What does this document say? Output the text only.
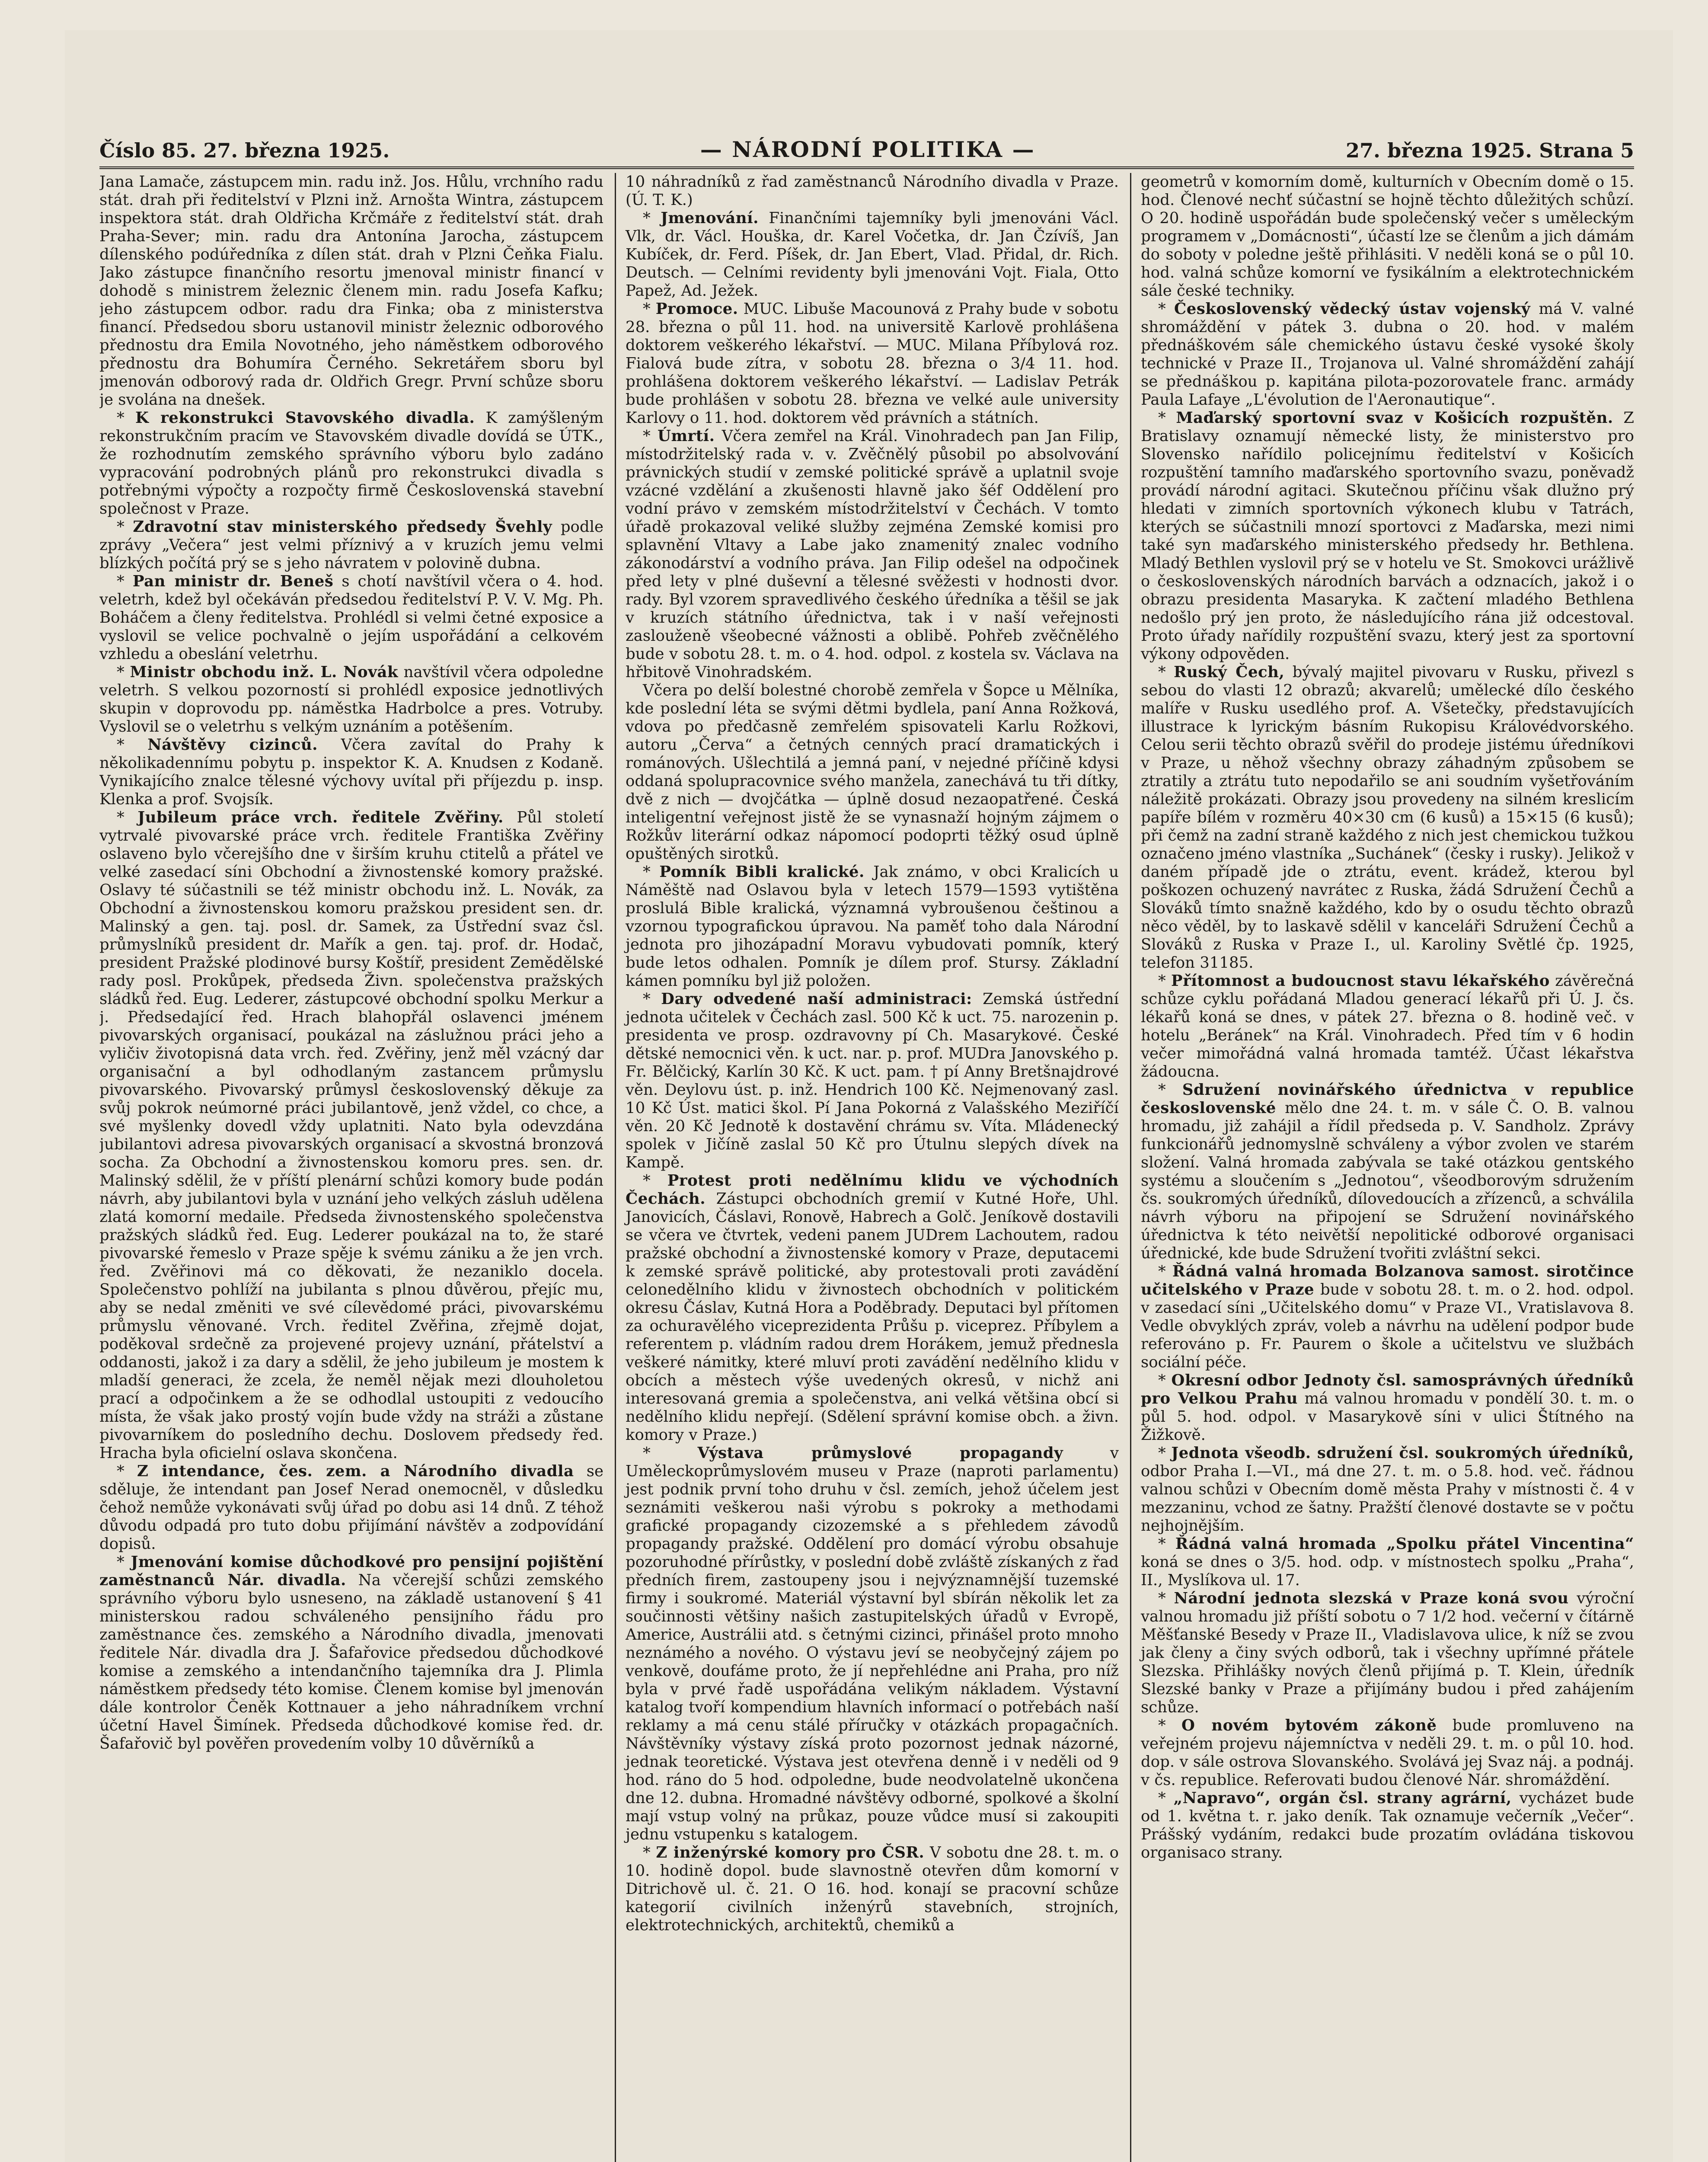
Číslo 85. 27. března 1925.	— NÁRODNÍ POLITIKA —	27. března 1925. Strana 5

Jana Lamače, zástupcem min. radu inž. Jos. Hůlu, vrchního radu stát. drah při ředitelství v Plzni inž. Arnošta Wintra, zástupcem inspektora stát. drah Oldřicha Krčmáře z ředitelství stát. drah Praha-Sever; min. radu dra Antonína Jarocha, zástupcem dílenského podúředníka z dílen stát. drah v Plzni Čeňka Fialu. Jako zástupce finančního resortu jmenoval ministr financí v dohodě s ministrem železnic členem min. radu Josefa Kafku; jeho zástupcem odbor. radu dra Finka; oba z ministerstva financí. Předsedou sboru ustanovil ministr železnic odborového přednostu dra Emila Novotného, jeho náměstkem odborového přednostu dra Bohumíra Černého. Sekretářem sboru byl jmenován odborový rada dr. Oldřich Gregr. První schůze sboru je svolána na dnešek.

* K rekonstrukci Stavovského divadla. K zamýšleným rekonstrukčním pracím ve Stavovském divadle dovídá se ÚTK., že rozhodnutím zemského správního výboru bylo zadáno vypracování podrobných plánů pro rekonstrukci divadla s potřebnými výpočty a rozpočty firmě Československá stavební společnost v Praze.

* Zdravotní stav ministerského předsedy Švehly podle zprávy „Večera“ jest velmi příznivý a v kruzích jemu velmi blízkých počítá prý se s jeho návratem v polovině dubna.

* Pan ministr dr. Beneš s chotí navštívil včera o 4. hod. veletrh, kdež byl očekáván předsedou ředitelství P. V. V. Mg. Ph. Boháčem a členy ředitelstva. Prohlédl si velmi četné exposice a vyslovil se velice pochvalně o jejím uspořádání a celkovém vzhledu a obeslání veletrhu.

* Ministr obchodu inž. L. Novák navštívil včera odpoledne veletrh. S velkou pozorností si prohlédl exposice jednotlivých skupin v doprovodu pp. náměstka Hadrbolce a pres. Votruby. Vyslovil se o veletrhu s velkým uznáním a potěšením.

* Návštěvy cizinců. Včera zavítal do Prahy k několikadennímu pobytu p. inspektor K. A. Knudsen z Kodaně. Vynikajícího znalce tělesné výchovy uvítal při příjezdu p. insp. Klenka a prof. Svojsík.

* Jubileum práce vrch. ředitele Zvěřiny. Půl století vytrvalé pivovarské práce vrch. ředitele Františka Zvěřiny oslaveno bylo včerejšího dne v širším kruhu ctitelů a přátel ve velké zasedací síni Obchodní a živnostenské komory pražské. Oslavy té súčastnili se též ministr obchodu inž. L. Novák, za Obchodní a živnostenskou komoru pražskou president sen. dr. Malinský a gen. taj. posl. dr. Samek, za Ústřední svaz čsl. průmyslníků president dr. Mařík a gen. taj. prof. dr. Hodač, president Pražské plodinové bursy Koštíř, president Zemědělské rady posl. Prokůpek, předseda Živn. společenstva pražských sládků řed. Eug. Lederer, zástupcové obchodní spolku Merkur a j. Předsedající řed. Hrach blahopřál oslavenci jménem pivovarských organisací, poukázal na záslužnou práci jeho a vyličiv životopisná data vrch. řed. Zvěřiny, jenž měl vzácný dar organisační a byl odhodlaným zastancem průmyslu pivovarského. Pivovarský průmysl československý děkuje za svůj pokrok neúmorné práci jubilantově, jenž vždel, co chce, a své myšlenky dovedl vždy uplatniti. Nato byla odevzdána jubilantovi adresa pivovarských organisací a skvostná bronzová socha. Za Obchodní a živnostenskou komoru pres. sen. dr. Malinský sdělil, že v příští plenární schůzi komory bude podán návrh, aby jubilantovi byla v uznání jeho velkých zásluh udělena zlatá komorní medaile. Předseda živnostenského společenstva pražských sládků řed. Eug. Lederer poukázal na to, že staré pivovarské řemeslo v Praze spěje k svému zániku a že jen vrch. řed. Zvěřinovi má co děkovati, že nezaniklo docela. Společenstvo pohlíží na jubilanta s plnou důvěrou, přejíc mu, aby se nedal změniti ve své cílevědomé práci, pivovarskému průmyslu věnované. Vrch. ředitel Zvěřina, zřejmě dojat, poděkoval srdečně za projevené projevy uznání, přátelství a oddanosti, jakož i za dary a sdělil, že jeho jubileum je mostem k mladší generaci, že zcela, že neměl nějak mezi dlouholetou prací a odpočinkem a že se odhodlal ustoupiti z vedoucího místa, že však jako prostý vojín bude vždy na stráži a zůstane pivovarníkem do posledního dechu. Doslovem předsedy řed. Hracha byla oficielní oslava skončena.

* Z intendance, čes. zem. a Národního divadla se sděluje, že intendant pan Josef Nerad onemocněl, v důsledku čehož nemůže vykonávati svůj úřad po dobu asi 14 dnů. Z téhož důvodu odpadá pro tuto dobu přijímání návštěv a zodpovídání dopisů.

* Jmenování komise důchodkové pro pensijní pojištění zaměstnanců Nár. divadla. Na včerejší schůzi zemského správního výboru bylo usneseno, na základě ustanovení § 41 ministerskou radou schváleného pensijního řádu pro zaměstnance čes. zemského a Národního divadla, jmenovati ředitele Nár. divadla dra J. Šafařovice předsedou důchodkové komise a zemského a intendančního tajemníka dra J. Plimla náměstkem předsedy této komise. Členem komise byl jmenován dále kontrolor Čeněk Kottnauer a jeho náhradníkem vrchní účetní Havel Šimínek. Předseda důchodkové komise řed. dr. Šafařovič byl pověřen provedením volby 10 důvěrníků a

10 náhradníků z řad zaměstnanců Národního divadla v Praze. (Ú. T. K.)

* Jmenování. Finančními tajemníky byli jmenováni Václ. Vlk, dr. Václ. Houška, dr. Karel Vočetka, dr. Jan Čzívíš, Jan Kubíček, dr. Ferd. Píšek, dr. Jan Ebert, Vlad. Přidal, dr. Rich. Deutsch. — Celními revidenty byli jmenováni Vojt. Fiala, Otto Papež, Ad. Ježek.

* Promoce. MUC. Libuše Macounová z Prahy bude v sobotu 28. března o půl 11. hod. na universitě Karlově prohlášena doktorem veškerého lékařství. — MUC. Milana Příbylová roz. Fialová bude zítra, v sobotu 28. března o 3/4 11. hod. prohlášena doktorem veškerého lékařství. — Ladislav Petrák bude prohlášen v sobotu 28. března ve velké aule university Karlovy o 11. hod. doktorem věd právních a státních.

* Úmrtí. Včera zemřel na Král. Vinohradech pan Jan Filip, místodržitelský rada v. v. Zvěčnělý působil po absolvování právnických studií v zemské politické správě a uplatnil svoje vzácné vzdělání a zkušenosti hlavně jako šéf Oddělení pro vodní právo v zemském místodržitelství v Čechách. V tomto úřadě prokazoval veliké služby zejména Zemské komisi pro splavnění Vltavy a Labe jako znamenitý znalec vodního zákonodárství a vodního práva. Jan Filip odešel na odpočinek před lety v plné duševní a tělesné svěžesti v hodnosti dvor. rady. Byl vzorem spravedlivého českého úředníka a těšil se jak v kruzích státního úřednictva, tak i v naší veřejnosti zaslouženě všeobecné vážnosti a oblibě. Pohřeb zvěčnělého bude v sobotu 28. t. m. o 4. hod. odpol. z kostela sv. Václava na hřbitově Vinohradském.

Včera po delší bolestné chorobě zemřela v Šopce u Mělníka, kde poslední léta se svými dětmi bydlela, paní Anna Rožková, vdova po předčasně zemřelém spisovateli Karlu Rožkovi, autoru „Červa“ a četných cenných prací dramatických i románových. Ušlechtilá a jemná paní, v nejedné příčině kdysi oddaná spolupracovnice svého manžela, zanechává tu tři dítky, dvě z nich — dvojčátka — úplně dosud nezaopatřené. Česká inteligentní veřejnost jistě že se vynasnaží hojným zájmem o Rožkův literární odkaz nápomocí podoprti těžký osud úplně opuštěných sirotků.

* Pomník Bibli kralické. Jak známo, v obci Kralicích u Náměště nad Oslavou byla v letech 1579—1593 vytištěna proslulá Bible kralická, významná vybroušenou češtinou a vzornou typografickou úpravou. Na paměť toho dala Národní jednota pro jihozápadní Moravu vybudovati pomník, který bude letos odhalen. Pomník je dílem prof. Stursy. Základní kámen pomníku byl již položen.

* Dary odvedené naší administraci: Zemská ústřední jednota učitelek v Čechách zasl. 500 Kč k uct. 75. narozenin p. presidenta ve prosp. ozdravovny pí Ch. Masarykové. České dětské nemocnici věn. k uct. nar. p. prof. MUDra Janovského p. Fr. Bělčický, Karlín 30 Kč. K uct. pam. † pí Anny Bretšnajdrové věn. Deylovu úst. p. inž. Hendrich 100 Kč. Nejmenovaný zasl. 10 Kč Úst. matici škol. Pí Jana Pokorná z Valašského Meziříčí věn. 20 Kč Jednotě k dostavění chrámu sv. Víta. Mládenecký spolek v Jičíně zaslal 50 Kč pro Útulnu slepých dívek na Kampě.

* Protest proti nedělnímu klidu ve východních Čechách. Zástupci obchodních gremií v Kutné Hoře, Uhl. Janovicích, Čáslavi, Ronově, Habrech a Golč. Jeníkově dostavili se včera ve čtvrtek, vedeni panem JUDrem Lachoutem, radou pražské obchodní a živnostenské komory v Praze, deputacemi k zemské správě politické, aby protestovali proti zavádění celonedělního klidu v živnostech obchodních v politickém okresu Čáslav, Kutná Hora a Poděbrady. Deputaci byl přítomen za ochuravělého viceprezidenta Průšu p. viceprez. Příbylem a referentem p. vládním radou drem Horákem, jemuž přednesla veškeré námitky, které mluví proti zavádění nedělního klidu v obcích a městech výše uvedených okresů, v nichž ani interesovaná gremia a společenstva, ani velká většina obcí si nedělního klidu nepřejí. (Sdělení správní komise obch. a živn. komory v Praze.)

* Výstava průmyslové propagandy	v Uměleckoprůmyslovém museu v Praze (naproti parlamentu) jest podnik první toho druhu v čsl. zemích, jehož účelem jest seznámiti veškerou naši výrobu s pokroky a methodami grafické propagandy cizozemské a s přehledem závodů propagandy pražské. Oddělení pro domácí výrobu obsahuje pozoruhodné přírůstky, v poslední době zvláště získaných z řad předních firem, zastoupeny jsou i nejvýznamnější tuzemské firmy i soukromé. Materiál výstavní byl sbírán několik let za součinnosti většiny našich zastupitelských úřadů v Evropě, Americe, Austrálii atd. s četnými cizinci, přinášel proto mnoho neznámého a nového. O výstavu jeví se neobyčejný zájem po venkově, doufáme proto, že jí nepřehlédne ani Praha, pro níž byla v prvé řadě uspořádána velikým nákladem. Výstavní katalog tvoří kompendium hlavních informací o potřebách naší reklamy a má cenu stálé příručky v otázkách propagačních. Návštěvníky výstavy získá proto pozornost jednak názorné, jednak teoretické. Výstava jest otevřena denně i v neděli od 9 hod. ráno do 5 hod. odpoledne, bude neodvolatelně ukončena dne 12. dubna. Hromadné návštěvy odborné, spolkové a školní mají vstup volný na průkaz, pouze vůdce musí si zakoupiti jednu vstupenku s katalogem.

* Z inženýrské komory pro ČSR. V sobotu dne 28. t. m. o 10. hodině dopol. bude slavnostně otevřen dům komorní v Ditrichově ul. č. 21. O 16. hod. konají se pracovní schůze kategorií civilních inženýrů stavebních, strojních, elektrotechnických, architektů, chemiků a

geometrů v komorním domě, kulturních v Obecním domě o 15. hod. Členové nechť súčastní se hojně těchto důležitých schůzí. O 20. hodině uspořádán bude společenský večer s uměleckým programem v „Domácnosti“, účastí lze se členům a jich dámám do soboty v poledne ještě přihlásiti. V neděli koná se o půl 10. hod. valná schůze komorní ve fysikálním a elektrotechnickém sále české techniky.

* Československý vědecký ústav vojenský má V. valné shromáždění v pátek 3. dubna o 20. hod. v malém přednáškovém sále chemického ústavu české vysoké školy technické v Praze II., Trojanova ul. Valné shromáždění zahájí se přednáškou p. kapitána pilota-pozorovatele franc. armády Paula Lafaye „L'évolution de l'Aeronautique“.

* Maďarský sportovní svaz v Košicích rozpuštěn. Z Bratislavy oznamují německé listy, že ministerstvo pro Slovensko nařídilo policejnímu ředitelství v Košicích rozpuštění tamního maďarského sportovního svazu, poněvadž provádí národní agitaci. Skutečnou příčinu však dlužno prý hledati v zimních sportovních výkonech klubu v Tatrách, kterých se súčastnili mnozí sportovci z Maďarska, mezi nimi také syn maďarského ministerského předsedy hr. Bethlena. Mladý Bethlen vyslovil prý se v hotelu ve St. Smokovci urážlivě o československých národních barvách a odznacích, jakož i o obrazu presidenta Masaryka. K začtení mladého Bethlena nedošlo prý jen proto, že následujícího rána již odcestoval. Proto úřady nařídily rozpuštění svazu, který jest za sportovní výkony odpověden.

* Ruský Čech, bývalý majitel pivovaru v Rusku, přivezl s sebou do vlasti 12 obrazů; akvarelů; umělecké dílo českého malíře v Rusku usedlého prof. A. Všetečky, představujících illustrace k lyrickým básním Rukopisu Královédvorského. Celou serii těchto obrazů svěřil do prodeje jistému úředníkovi v Praze, u něhož všechny obrazy záhadným způsobem se ztratily a ztrátu tuto nepodařilo se ani soudním vyšetřováním náležitě prokázati. Obrazy jsou provedeny na silném kreslicím papíře bílém v rozměru 40×30 cm (6 kusů) a 15×15 (6 kusů); při čemž na zadní straně každého z nich jest chemickou tužkou označeno jméno vlastníka „Suchánek“ (česky i rusky). Jelikož v daném případě jde o ztrátu, event. krádež, kterou byl poškozen ochuzený navrátec z Ruska, žádá Sdružení Čechů a Slováků tímto snažně každého, kdo by o osudu těchto obrazů něco věděl, by to laskavě sdělil v kanceláři Sdružení Čechů a Slováků z Ruska v Praze I., ul. Karoliny Světlé čp. 1925, telefon 31185.

* Přítomnost a budoucnost stavu lékařského závěrečná schůze cyklu pořádaná Mladou generací lékařů při Ú. J. čs. lékařů koná se dnes, v pátek 27. března o 8. hodině več. v hotelu „Beránek“ na Král. Vinohradech. Před tím v 6 hodin večer mimořádná valná hromada tamtéž. Účast lékařstva žádoucna.

* Sdružení novinářského úřednictva v republice československé mělo dne 24. t. m. v sále Č. O. B. valnou hromadu, již zahájil a řídil předseda p. V. Sandholz. Zprávy funkcionářů jednomyslně schváleny a výbor zvolen ve starém složení. Valná hromada zabývala se také otázkou gentského systému a sloučením s „Jednotou“, všeodborovým sdružením čs. soukromých úředníků, dílovedoucích a zřízenců, a schválila návrh výboru na připojení se Sdružení novinářského úřednictva k této neivětší nepolitické odborové organisaci úřednické, kde bude Sdružení tvořiti zvláštní sekci.

* Řádná valná hromada Bolzanova samost. sirotčince učitelského v Praze bude v sobotu 28. t. m. o 2. hod. odpol. v zasedací síni „Učitelského domu“ v Praze VI., Vratislavova 8. Vedle obvyklých zpráv, voleb a návrhu na udělení podpor bude referováno p. Fr. Paurem o škole a učitelstvu ve službách sociální péče.

* Okresní odbor Jednoty čsl. samosprávných úředníků pro Velkou Prahu má valnou hromadu v pondělí 30. t. m. o půl 5. hod. odpol. v Masarykově síni v ulici Štítného na Žižkově.

* Jednota všeodb. sdružení čsl. soukromých úředníků, odbor Praha I.—VI., má dne 27. t. m. o 5.8. hod. več. řádnou valnou schůzi v Obecním domě města Prahy v místnosti č. 4 v mezzaninu, vchod ze šatny. Pražští členové dostavte se v počtu nejhojnějším.

* Řádná valná hromada „Spolku přátel Vincentina“ koná se dnes o 3/5. hod. odp. v místnostech spolku „Praha“, II., Myslíkova ul. 17.

* Národní jednota slezská v Praze koná svou výroční valnou hromadu již příští sobotu o 7 1/2 hod. večerní v čítárně Měšťanské Besedy v Praze II., Vladislavova ulice, k níž se zvou jak členy a činy svých odborů, tak i všechny upřímné přátele Slezska. Přihlášky nových členů přijímá p. T. Klein, úředník Slezské banky v Praze a přijímány budou i před zahájením schůze.

* O novém bytovém zákoně bude promluveno na veřejném projevu nájemníctva v neděli 29. t. m. o půl 10. hod. dop. v sále ostrova Slovanského. Svolává jej Svaz náj. a podnáj. v čs. republice. Referovati budou členové Nár. shromáždění.

* „Napravo“, orgán čsl. strany agrární, vycházet bude od 1. května t. r. jako deník. Tak oznamuje večerník „Večer“. Prášský vydáním, redakci bude prozatím ovládána tiskovou organisaco strany.
